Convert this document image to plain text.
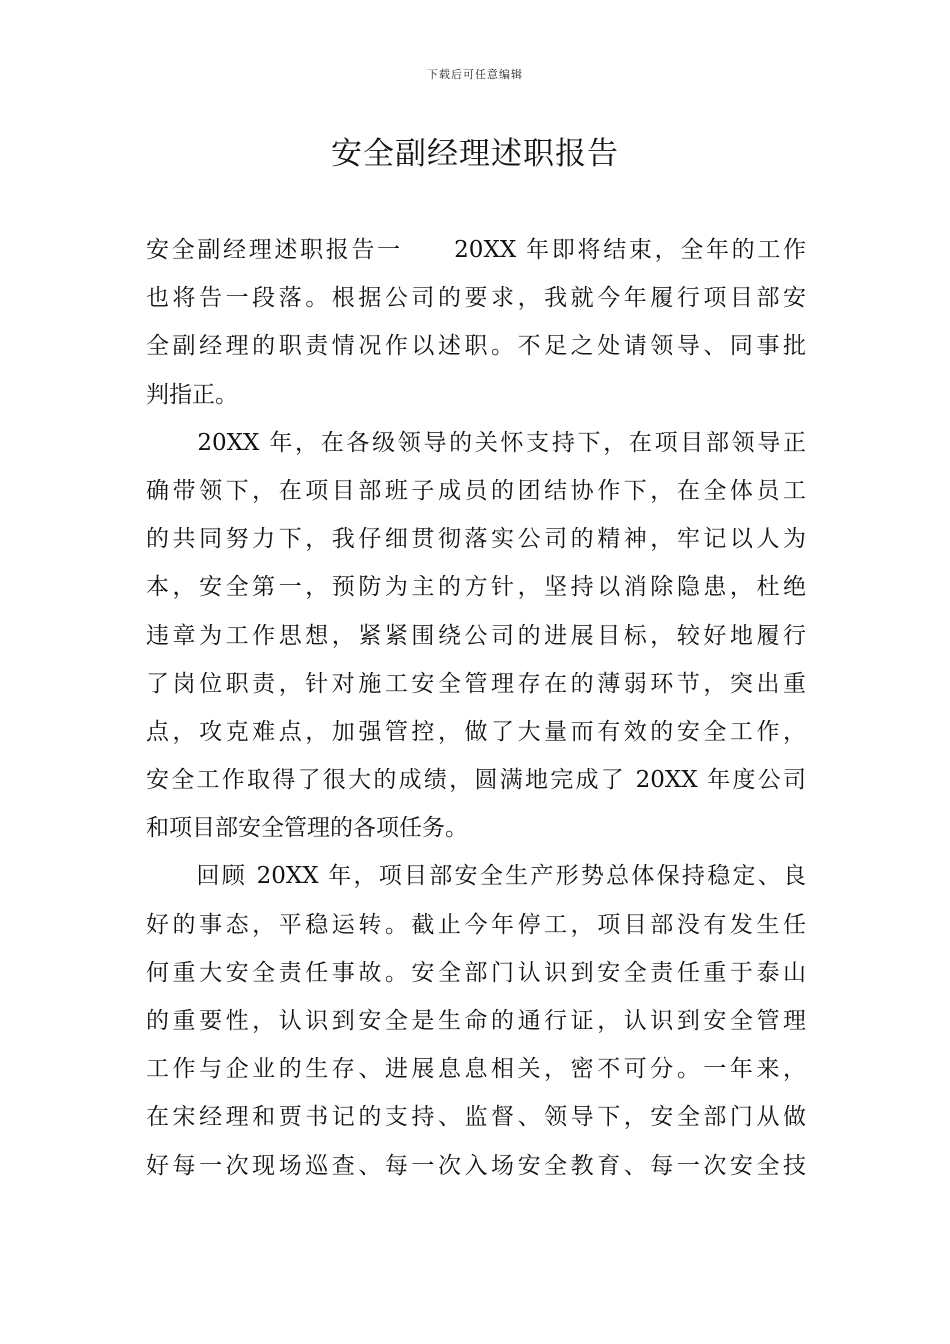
下载后可任意编辑
安全副经理述职报告
安全副经理述职报告一　　20XX 年即将结束，全年的工作
也将告一段落。根据公司的要求，我就今年履行项目部安
全副经理的职责情况作以述职。不足之处请领导、同事批
判指正。
　　20XX 年，在各级领导的关怀支持下，在项目部领导正
确带领下，在项目部班子成员的团结协作下，在全体员工
的共同努力下，我仔细贯彻落实公司的精神，牢记以人为
本，安全第一，预防为主的方针，坚持以消除隐患，杜绝
违章为工作思想，紧紧围绕公司的进展目标，较好地履行
了岗位职责，针对施工安全管理存在的薄弱环节，突出重
点，攻克难点，加强管控，做了大量而有效的安全工作，
安全工作取得了很大的成绩，圆满地完成了 20XX 年度公司
和项目部安全管理的各项任务。
　　回顾 20XX 年，项目部安全生产形势总体保持稳定、良
好的事态，平稳运转。截止今年停工，项目部没有发生任
何重大安全责任事故。安全部门认识到安全责任重于泰山
的重要性，认识到安全是生命的通行证，认识到安全管理
工作与企业的生存、进展息息相关，密不可分。一年来，
在宋经理和贾书记的支持、监督、领导下，安全部门从做
好每一次现场巡查、每一次入场安全教育、每一次安全技
